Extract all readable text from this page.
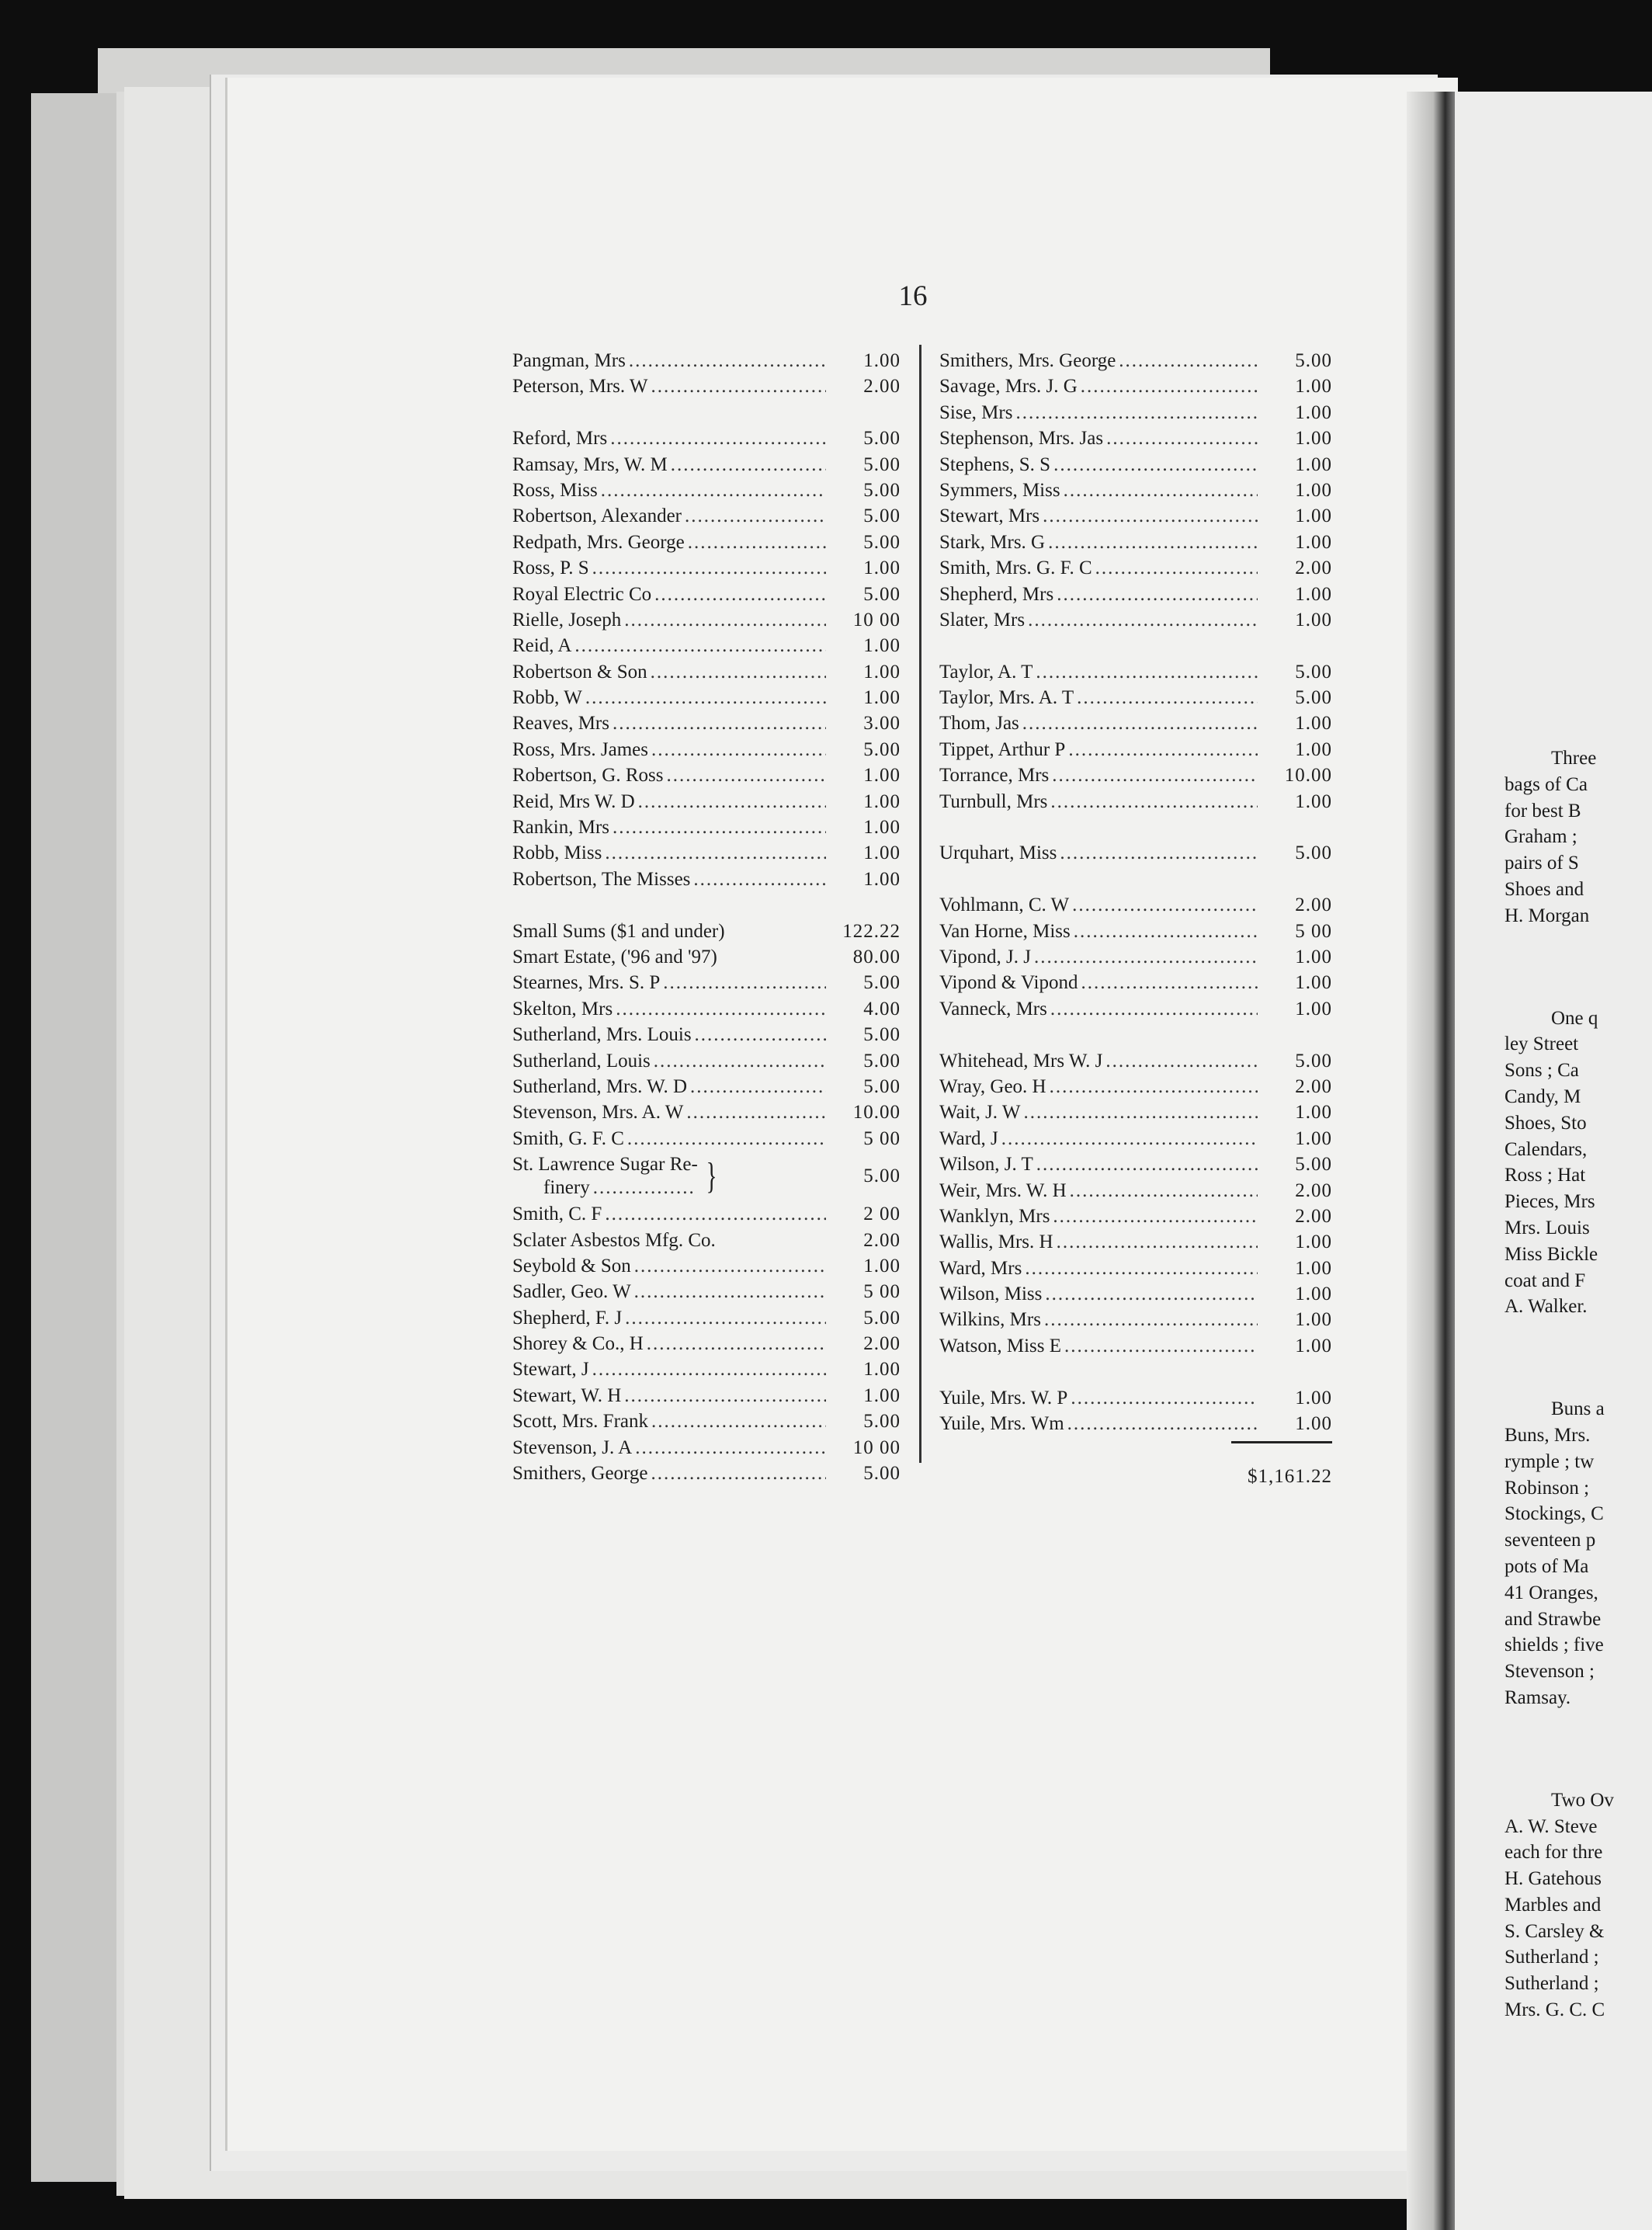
16
Pangman, Mrs .....	1.00
Peterson, Mrs. W .....	2.00
Reford, Mrs .....	5.00
Ramsay, Mrs, W. M .....	5.00
Ross, Miss .....	5.00
Robertson, Alexander .....	5.00
Redpath, Mrs. George .....	5.00
Ross, P. S .....	1.00
Royal Electric Co .....	5.00
Rielle, Joseph .....	10 00
Reid, A .....	1.00
Robertson & Son .....	1.00
Robb, W .....	1.00
Reaves, Mrs .....	3.00
Ross, Mrs. James .....	5.00
Robertson, G. Ross .....	1.00
Reid, Mrs W. D .....	1.00
Rankin, Mrs .....	1.00
Robb, Miss .....	1.00
Robertson, The Misses .....	1.00
Small Sums ($1 and under)	122.22
Smart Estate, ('96 and '97)	80.00
Stearnes, Mrs. S. P .....	5.00
Skelton, Mrs .....	4.00
Sutherland, Mrs. Louis .....	5.00
Sutherland, Louis .....	5.00
Sutherland, Mrs. W. D .....	5.00
Stevenson, Mrs. A. W .....	10.00
Smith, G. F. C .....	5 00
St. Lawrence Sugar Re-
finery .....	}	5.00
Smith, C. F .....	2 00
Sclater Asbestos Mfg. Co.	2.00
Seybold & Son .....	1.00
Sadler, Geo. W .....	5 00
Shepherd, F. J .....	5.00
Shorey & Co., H .....	2.00
Stewart, J .....	1.00
Stewart, W. H .....	1.00
Scott, Mrs. Frank .....	5.00
Stevenson, J. A .....	10 00
Smithers, George .....	5.00
Smithers, Mrs. George .....	5.00
Savage, Mrs. J. G .....	1.00
Sise, Mrs .....	1.00
Stephenson, Mrs. Jas .....	1.00
Stephens, S. S .....	1.00
Symmers, Miss .....	1.00
Stewart, Mrs .....	1.00
Stark, Mrs. G .....	1.00
Smith, Mrs. G. F. C .....	2.00
Shepherd, Mrs .....	1.00
Slater, Mrs .....	1.00
Taylor, A. T .....	5.00
Taylor, Mrs. A. T .....	5.00
Thom, Jas .....	1.00
Tippet, Arthur P .....	1.00
Torrance, Mrs .....	10.00
Turnbull, Mrs .....	1.00
Urquhart, Miss .....	5.00
Vohlmann, C. W .....	2.00
Van Horne, Miss .....	5 00
Vipond, J. J .....	1.00
Vipond & Vipond .....	1.00
Vanneck, Mrs .....	1.00
Whitehead, Mrs W. J .....	5.00
Wray, Geo. H .....	2.00
Wait, J. W .....	1.00
Ward, J .....	1.00
Wilson, J. T .....	5.00
Weir, Mrs. W. H .....	2.00
Wanklyn, Mrs .....	2.00
Wallis, Mrs. H .....	1.00
Ward, Mrs .....	1.00
Wilson, Miss .....	1.00
Wilkins, Mrs .....	1.00
Watson, Miss E .....	1.00
Yuile, Mrs. W. P .....	1.00
Yuile, Mrs. Wm .....	1.00
$1,161.22
Three
bags of Ca
for best B
Graham ;
pairs of S
Shoes and
H. Morgan
One q
ley Street
Sons ; Ca
Candy, M
Shoes, Sto
Calendars,
Ross ; Hat
Pieces, Mrs
Mrs. Louis
Miss Bickle
coat and F
A. Walker.
Buns a
Buns, Mrs.
rymple ; tw
Robinson ;
Stockings, C
seventeen p
pots of Ma
41 Oranges,
and Strawbe
shields ; five
Stevenson ;
Ramsay.
Two Ov
A. W. Steve
each for thre
H. Gatehous
Marbles and
S. Carsley &
Sutherland ;
Sutherland ;
Mrs. G. C. C
